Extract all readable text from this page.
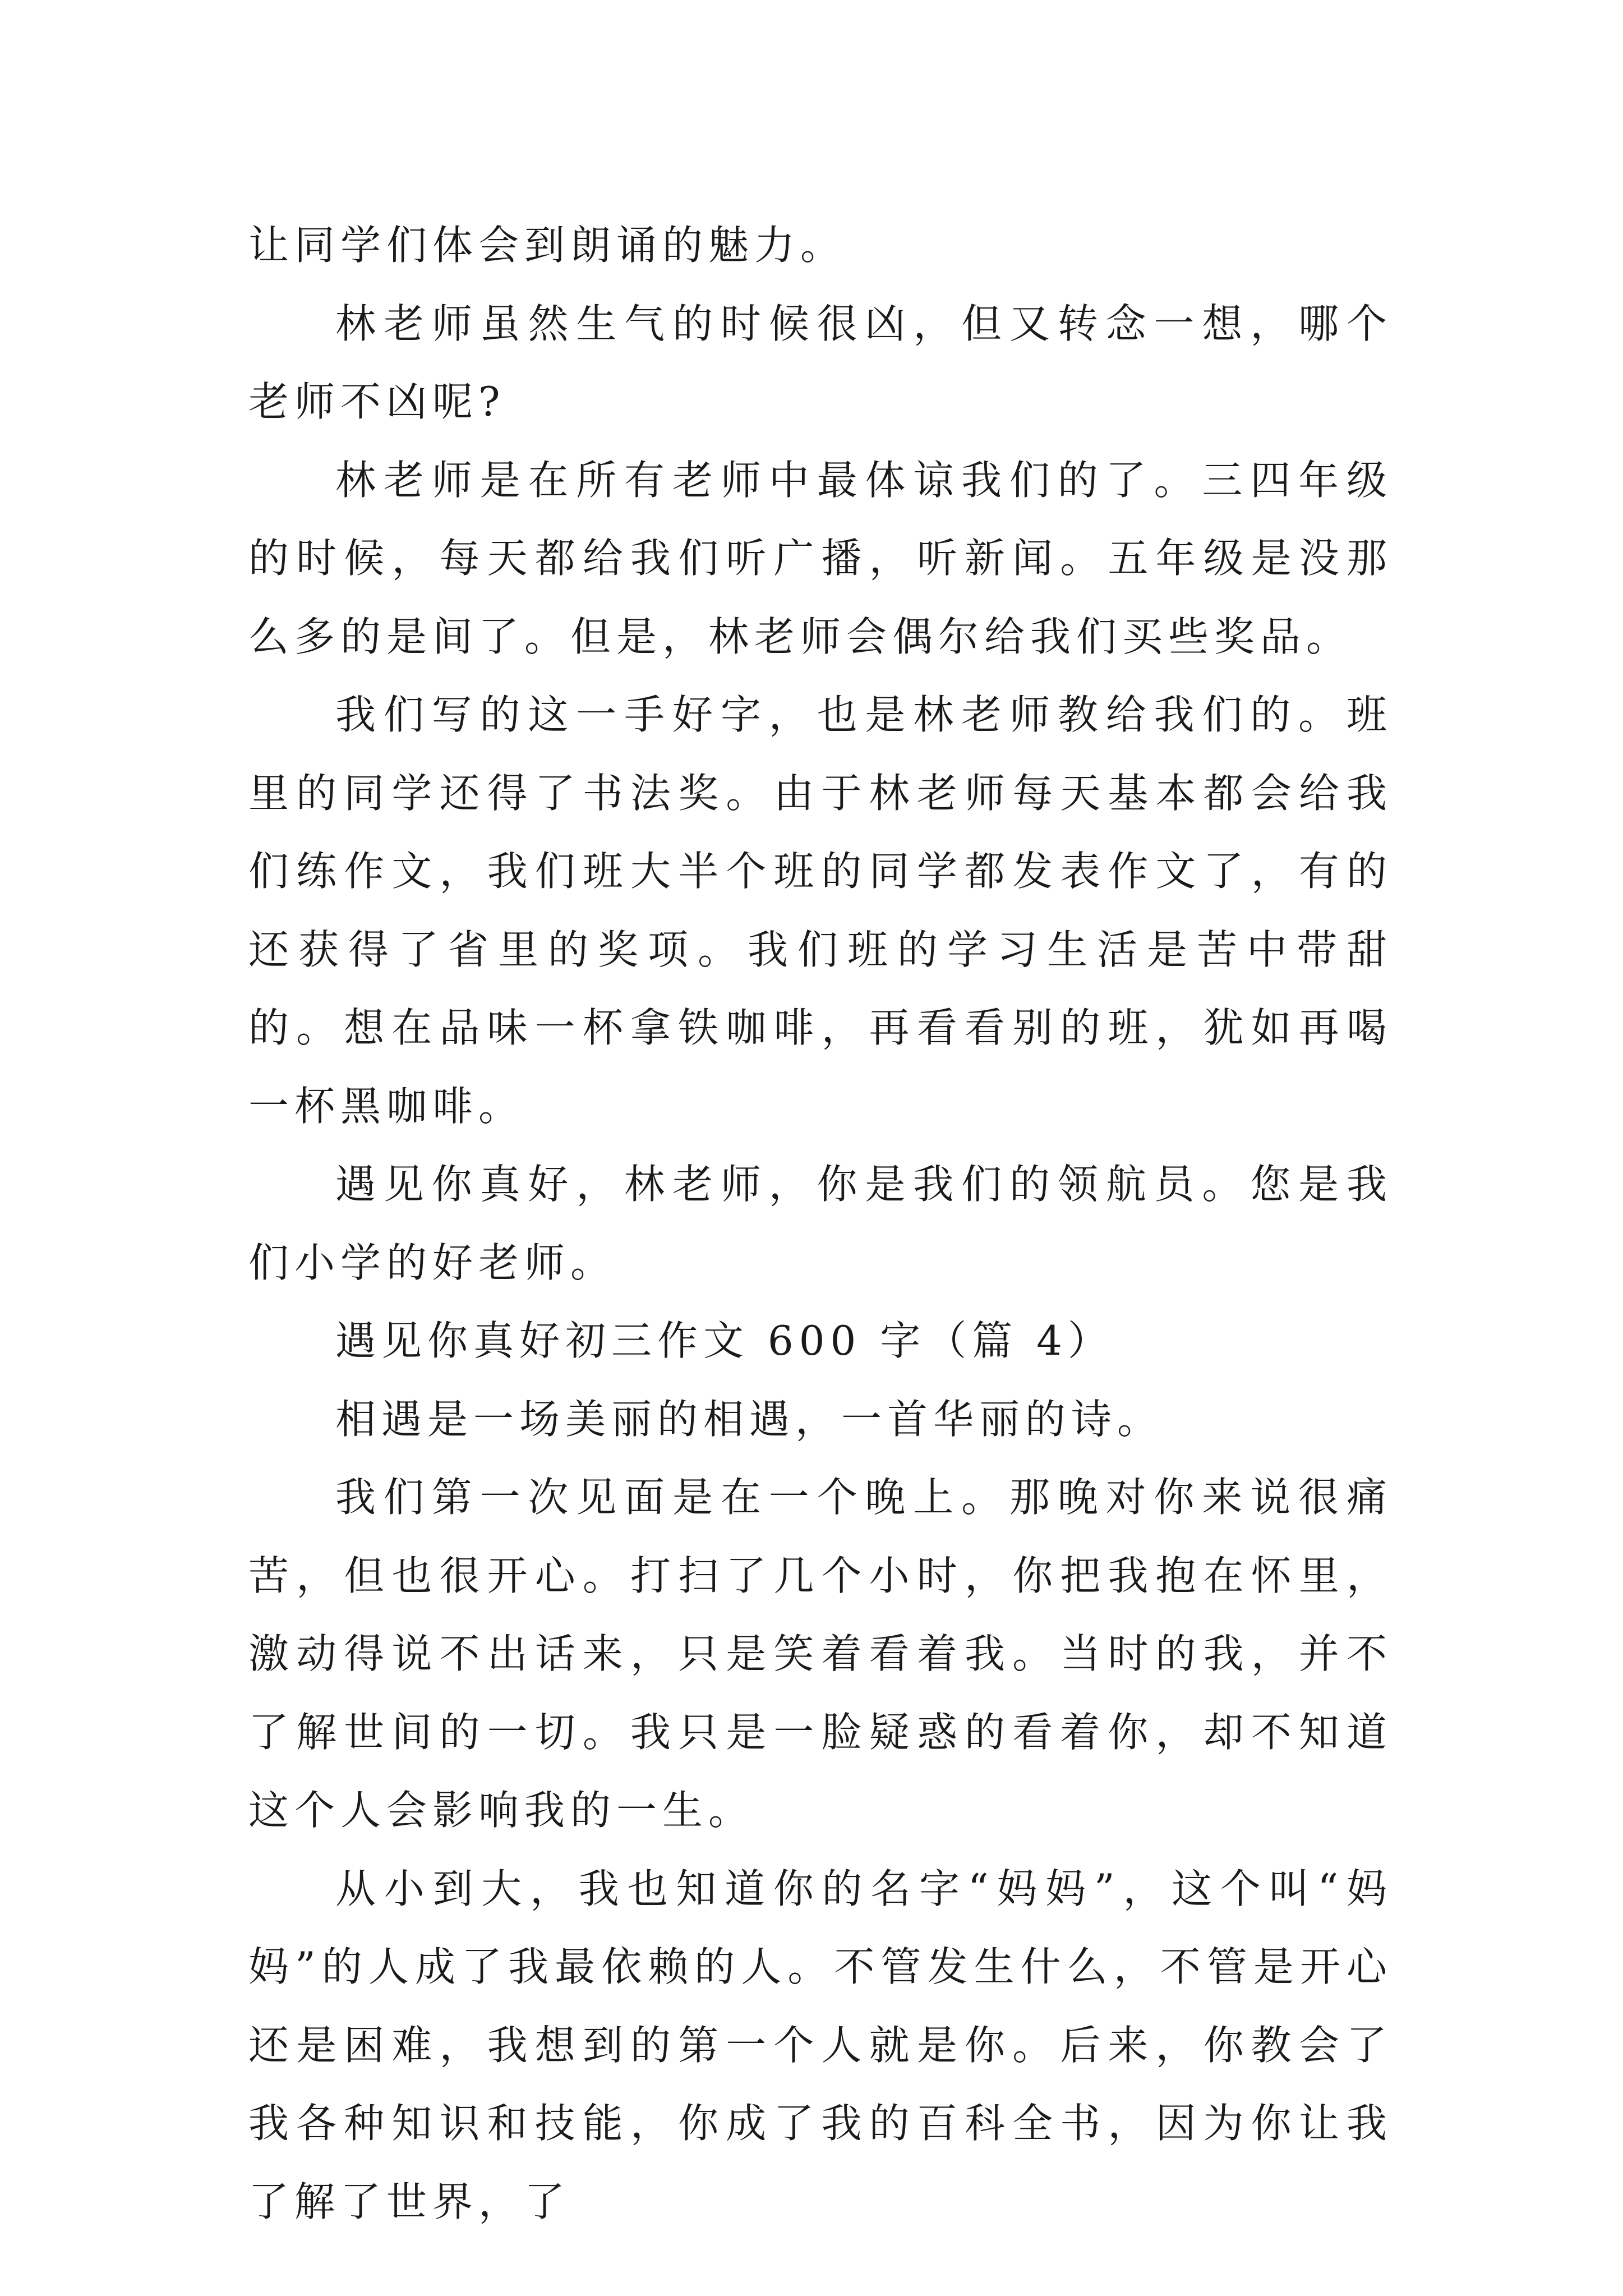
让同学们体会到朗诵的魅力。

林老师虽然生气的时候很凶，但又转念一想，哪个老师不凶呢?

林老师是在所有老师中最体谅我们的了。三四年级的时候，每天都给我们听广播，听新闻。五年级是没那么多的是间了。但是，林老师会偶尔给我们买些奖品。

我们写的这一手好字，也是林老师教给我们的。班里的同学还得了书法奖。由于林老师每天基本都会给我们练作文，我们班大半个班的同学都发表作文了，有的还获得了省里的奖项。我们班的学习生活是苦中带甜的。想在品味一杯拿铁咖啡，再看看别的班，犹如再喝一杯黑咖啡。

遇见你真好，林老师，你是我们的领航员。您是我们小学的好老师。

遇见你真好初三作文 600 字（篇 4）

相遇是一场美丽的相遇，一首华丽的诗。

我们第一次见面是在一个晚上。那晚对你来说很痛苦，但也很开心。打扫了几个小时，你把我抱在怀里，激动得说不出话来，只是笑着看着我。当时的我，并不了解世间的一切。我只是一脸疑惑的看着你，却不知道这个人会影响我的一生。

从小到大，我也知道你的名字“妈妈”，这个叫“妈妈”的人成了我最依赖的人。不管发生什么，不管是开心还是困难，我想到的第一个人就是你。后来，你教会了我各种知识和技能，你成了我的百科全书，因为你让我了解了世界，了
